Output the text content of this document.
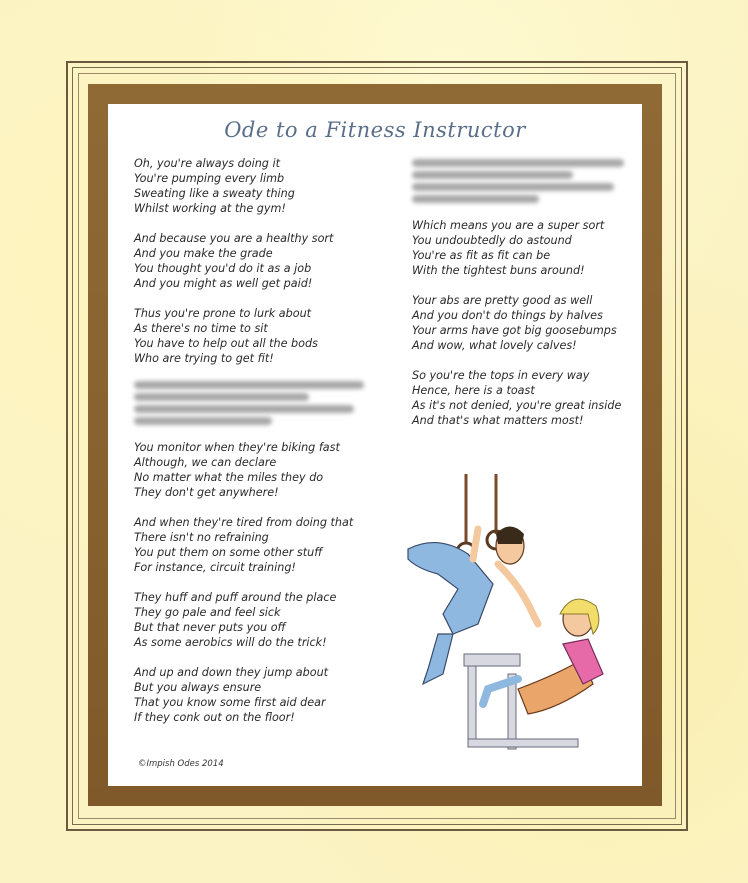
Ode to a Fitness Instructor
Oh, you're always doing it
You're pumping every limb
Sweating like a sweaty thing
Whilst working at the gym!
And because you are a healthy sort
And you make the grade
You thought you'd do it as a job
And you might as well get paid!
Thus you're prone to lurk about
As there's no time to sit
You have to help out all the bods
Who are trying to get fit!
You monitor when they're biking fast
Although, we can declare
No matter what the miles they do
They don't get anywhere!
And when they're tired from doing that
There isn't no refraining
You put them on some other stuff
For instance, circuit training!
They huff and puff around the place
They go pale and feel sick
But that never puts you off
As some aerobics will do the trick!
And up and down they jump about
But you always ensure
That you know some first aid dear
If they conk out on the floor!
Which means you are a super sort
You undoubtedly do astound
You're as fit as fit can be
With the tightest buns around!
Your abs are pretty good as well
And you don't do things by halves
Your arms have got big goosebumps
And wow, what lovely calves!
So you're the tops in every way
Hence, here is a toast
As it's not denied, you're great inside
And that's what matters most!
©Impish Odes 2014
